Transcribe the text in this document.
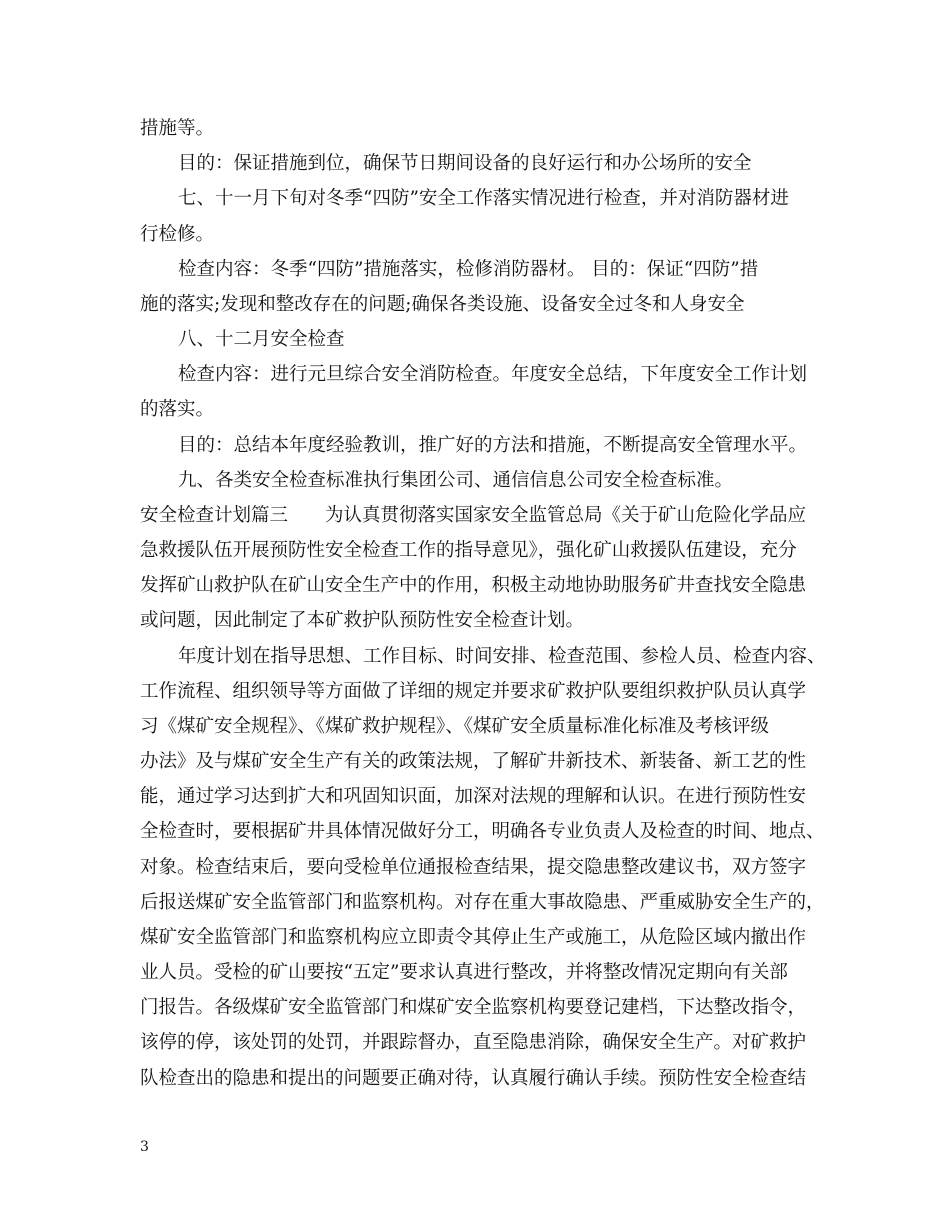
措施等。
目的：保证措施到位，确保节日期间设备的良好运行和办公场所的安全
七、十一月下旬对冬季“四防”安全工作落实情况进行检查，并对消防器材进
行检修。
检查内容：冬季“四防”措施落实，检修消防器材。 目的：保证“四防”措
施的落实;发现和整改存在的问题;确保各类设施、设备安全过冬和人身安全
八、十二月安全检查
检查内容：进行元旦综合安全消防检查。年度安全总结，下年度安全工作计划
的落实。
目的：总结本年度经验教训，推广好的方法和措施，不断提高安全管理水平。
九、各类安全检查标准执行集团公司、通信信息公司安全检查标准。
安全检查计划篇三　　为认真贯彻落实国家安全监管总局《关于矿山危险化学品应
急救援队伍开展预防性安全检查工作的指导意见》，强化矿山救援队伍建设，充分
发挥矿山救护队在矿山安全生产中的作用，积极主动地协助服务矿井查找安全隐患
或问题，因此制定了本矿救护队预防性安全检查计划。
年度计划在指导思想、工作目标、时间安排、检查范围、参检人员、检查内容、
工作流程、组织领导等方面做了详细的规定并要求矿救护队要组织救护队员认真学
习《煤矿安全规程》、《煤矿救护规程》、《煤矿安全质量标准化标准及考核评级
办法》及与煤矿安全生产有关的政策法规，了解矿井新技术、新装备、新工艺的性
能，通过学习达到扩大和巩固知识面，加深对法规的理解和认识。在进行预防性安
全检查时，要根据矿井具体情况做好分工，明确各专业负责人及检查的时间、地点、
对象。检查结束后，要向受检单位通报检查结果，提交隐患整改建议书，双方签字
后报送煤矿安全监管部门和监察机构。对存在重大事故隐患、严重威胁安全生产的，
煤矿安全监管部门和监察机构应立即责令其停止生产或施工，从危险区域内撤出作
业人员。受检的矿山要按“五定”要求认真进行整改，并将整改情况定期向有关部
门报告。各级煤矿安全监管部门和煤矿安全监察机构要登记建档，下达整改指令，
该停的停，该处罚的处罚，并跟踪督办，直至隐患消除，确保安全生产。对矿救护
队检查出的隐患和提出的问题要正确对待，认真履行确认手续。预防性安全检查结
3
